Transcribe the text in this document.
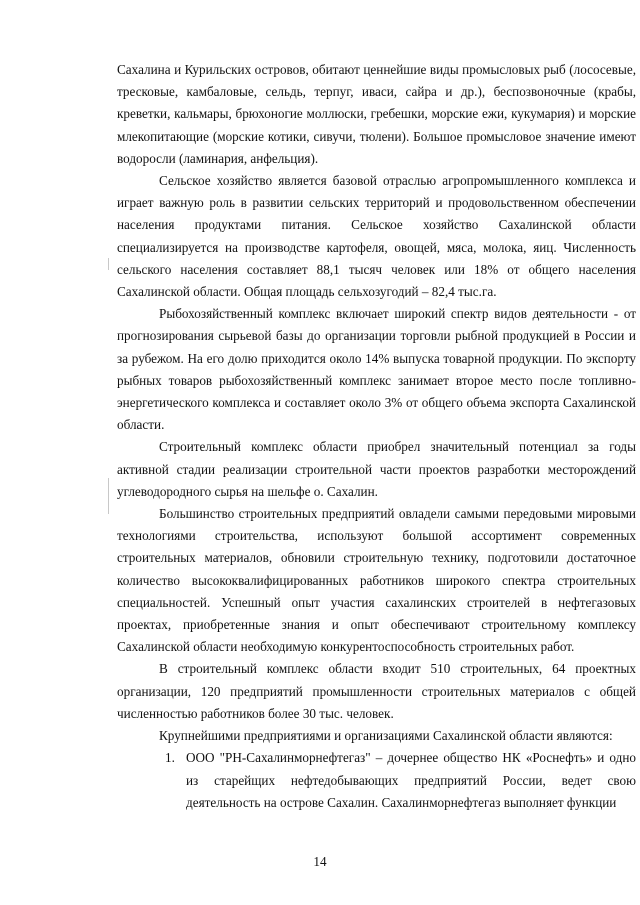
Сахалина и Курильских островов, обитают ценнейшие виды промысловых рыб (лососевые, тресковые, камбаловые, сельдь, терпуг, иваси, сайра и др.), беспозвоночные (крабы, креветки, кальмары, брюхоногие моллюски, гребешки, морские ежи, кукумария) и морские млекопитающие (морские котики, сивучи, тюлени). Большое промысловое значение имеют водоросли (ламинария, анфельция).

Сельское хозяйство является базовой отраслью агропромышленного комплекса и играет важную роль в развитии сельских территорий и продовольственном обеспечении населения продуктами питания. Сельское хозяйство Сахалинской области специализируется на производстве картофеля, овощей, мяса, молока, яиц. Численность сельского населения составляет 88,1 тысяч человек или 18% от общего населения Сахалинской области. Общая площадь сельхозугодий – 82,4 тыс.га.

Рыбохозяйственный комплекс включает широкий спектр видов деятельности - от прогнозирования сырьевой базы до организации торговли рыбной продукцией в России и за рубежом. На его долю приходится около 14% выпуска товарной продукции. По экспорту рыбных товаров рыбохозяйственный комплекс занимает второе место после топливно-энергетического комплекса и составляет около 3% от общего объема экспорта Сахалинской области.

Строительный комплекс области приобрел значительный потенциал за годы активной стадии реализации строительной части проектов разработки месторождений углеводородного сырья на шельфе о. Сахалин.

Большинство строительных предприятий овладели самыми передовыми мировыми технологиями строительства, используют большой ассортимент современных строительных материалов, обновили строительную технику, подготовили достаточное количество высококвалифицированных работников широкого спектра строительных специальностей. Успешный опыт участия сахалинских строителей в нефтегазовых проектах, приобретенные знания и опыт обеспечивают строительному комплексу Сахалинской области необходимую конкурентоспособность строительных работ.

В строительный комплекс области входит 510 строительных, 64 проектных организации, 120 предприятий промышленности строительных материалов с общей численностью работников более 30 тыс. человек.

Крупнейшими предприятиями и организациями Сахалинской области являются:

1. ООО "РН-Сахалинморнефтегаз" – дочернее общество НК «Роснефть» и одно из старейщих нефтедобывающих предприятий России, ведет свою деятельность на острове Сахалин. Сахалинморнефтегаз выполняет функции
14
